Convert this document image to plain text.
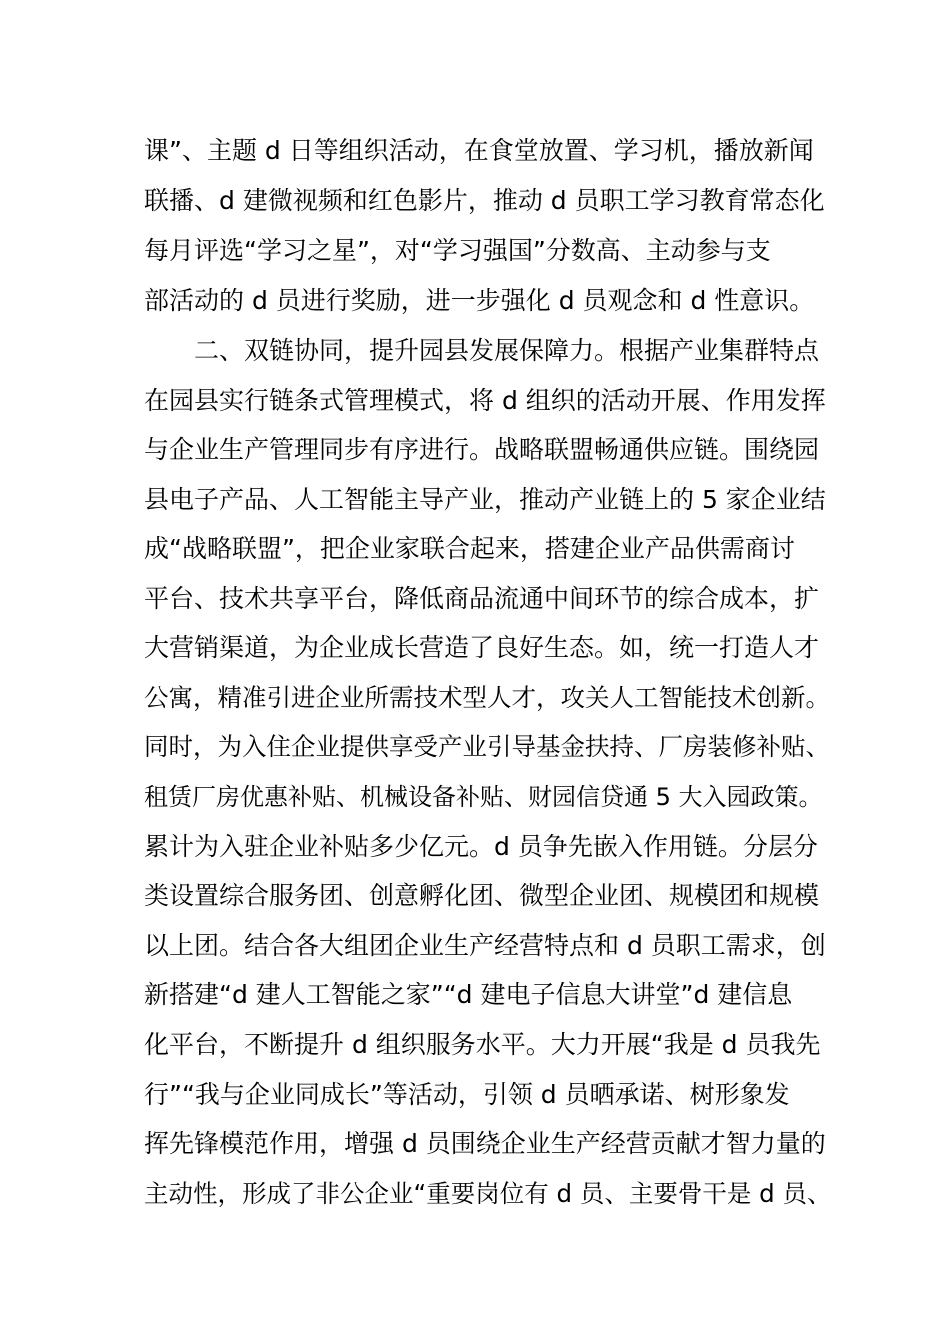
课”、主题 d 日等组织活动，在食堂放置、学习机，播放新闻
联播、d 建微视频和红色影片，推动 d 员职工学习教育常态化
每月评选“学习之星”，对“学习强国”分数高、主动参与支
部活动的 d 员进行奖励，进一步强化 d 员观念和 d 性意识。
　　二、双链协同，提升园县发展保障力。根据产业集群特点
在园县实行链条式管理模式，将 d 组织的活动开展、作用发挥
与企业生产管理同步有序进行。战略联盟畅通供应链。围绕园
县电子产品、人工智能主导产业，推动产业链上的 5 家企业结
成“战略联盟”，把企业家联合起来，搭建企业产品供需商讨
平台、技术共享平台，降低商品流通中间环节的综合成本，扩
大营销渠道，为企业成长营造了良好生态。如，统一打造人才
公寓，精准引进企业所需技术型人才，攻关人工智能技术创新。
同时，为入住企业提供享受产业引导基金扶持、厂房装修补贴、
租赁厂房优惠补贴、机械设备补贴、财园信贷通 5 大入园政策。
累计为入驻企业补贴多少亿元。d 员争先嵌入作用链。分层分
类设置综合服务团、创意孵化团、微型企业团、规模团和规模
以上团。结合各大组团企业生产经营特点和 d 员职工需求，创
新搭建“d 建人工智能之家”“d 建电子信息大讲堂”d 建信息
化平台，不断提升 d 组织服务水平。大力开展“我是 d 员我先
行”“我与企业同成长”等活动，引领 d 员晒承诺、树形象发
挥先锋模范作用，增强 d 员围绕企业生产经营贡献才智力量的
主动性，形成了非公企业“重要岗位有 d 员、主要骨干是 d 员、
